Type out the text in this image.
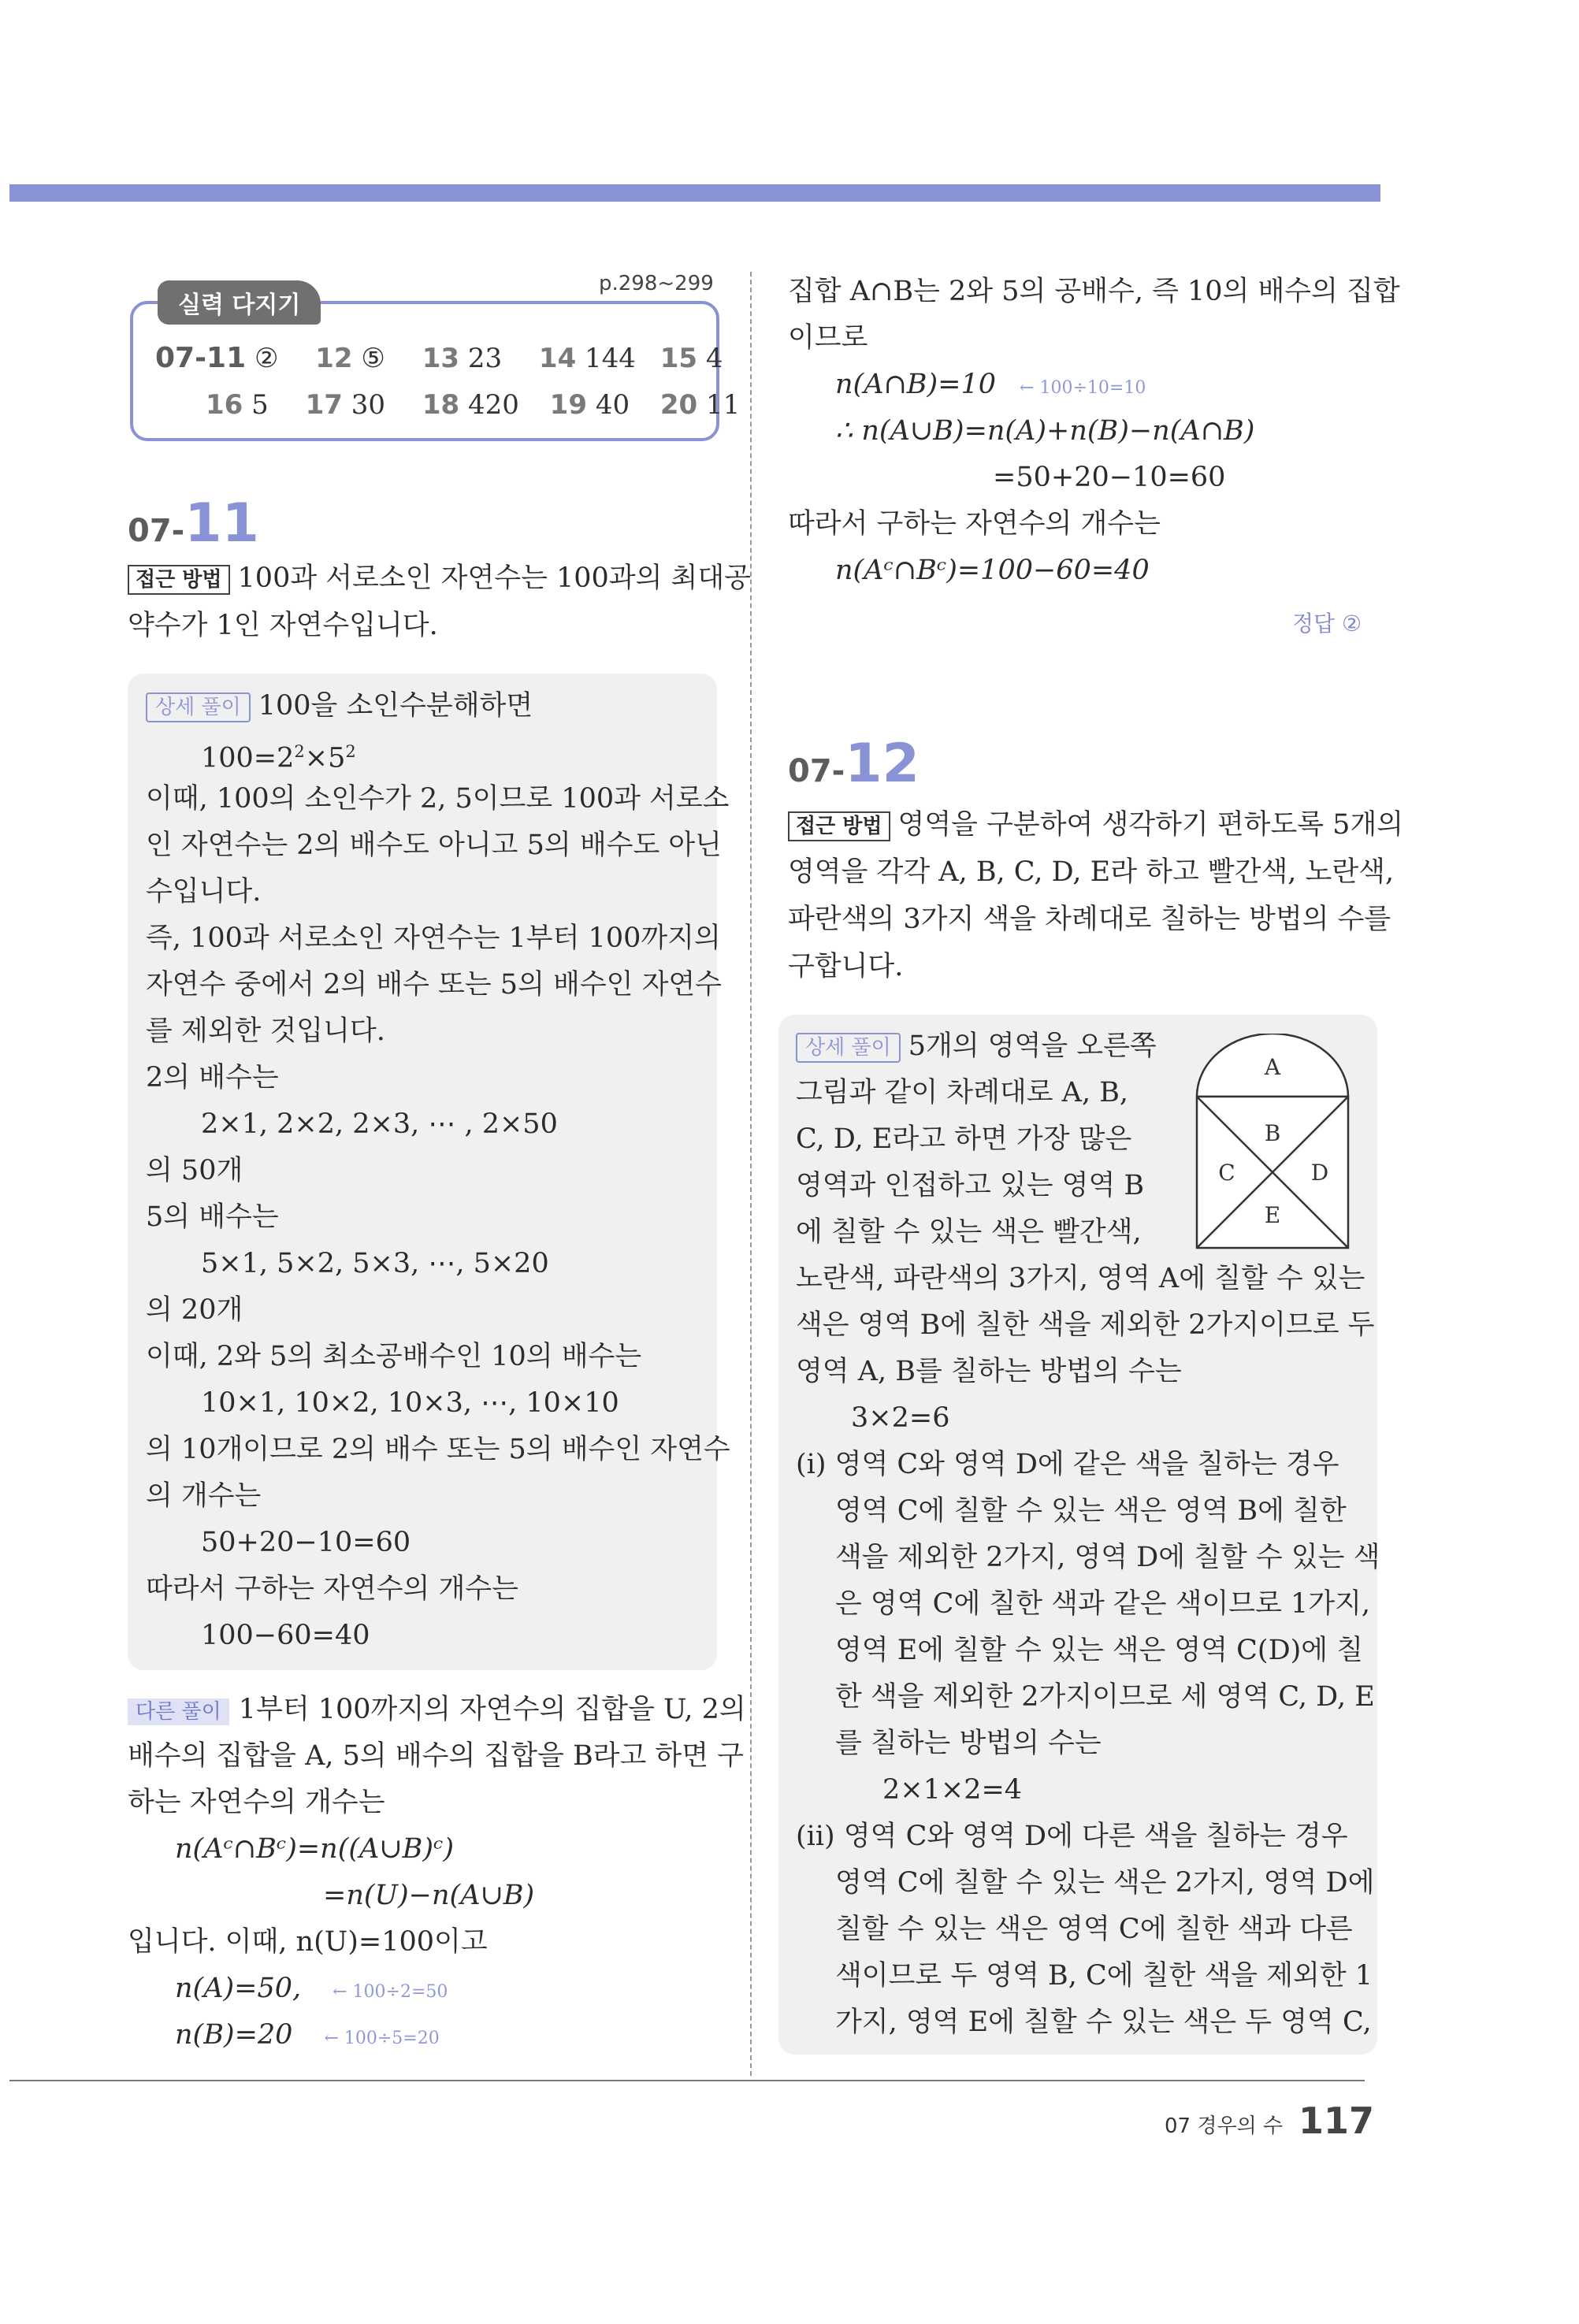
07-11 ② 12 ⑤ 13 23 14 144 15 4
16 5 17 30 18 420 19 40 20 11
실력 다지기
p.298~299
07-11
접근 방법 100과 서로소인 자연수는 100과의 최대공
약수가 1인 자연수입니다.
상세 풀이 100을 소인수분해하면
$100=2^2\times 5^2$
이때, 100의 소인수가 2, 5이므로 100과 서로소
인 자연수는 2의 배수도 아니고 5의 배수도 아닌
수입니다.
즉, 100과 서로소인 자연수는 1부터 100까지의
자연수 중에서 2의 배수 또는 5의 배수인 자연수
를 제외한 것입니다.
2의 배수는
2×1, 2×2, 2×3, ⋯ , 2×50
의 50개
5의 배수는
5×1, 5×2, 5×3, ⋯, 5×20
의 20개
이때, 2와 5의 최소공배수인 10의 배수는
10×1, 10×2, 10×3, ⋯, 10×10
의 10개이므로 2의 배수 또는 5의 배수인 자연수
의 개수는
50+20−10=60
따라서 구하는 자연수의 개수는
100−60=40
다른 풀이 1부터 100까지의 자연수의 집합을 U, 2의
배수의 집합을 A, 5의 배수의 집합을 B라고 하면 구
하는 자연수의 개수는
n(Aᶜ∩Bᶜ)=n((A∪B)ᶜ)
=n(U)−n(A∪B)
입니다. 이때, n(U)=100이고
n(A)=50, ← 100÷2=50
n(B)=20 ← 100÷5=20
집합 A∩B는 2와 5의 공배수, 즉 10의 배수의 집합
이므로
n(A∩B)=10 ← 100÷10=10
∴ n(A∪B)=n(A)+n(B)−n(A∩B)
=50+20−10=60
따라서 구하는 자연수의 개수는
n(Aᶜ∩Bᶜ)=100−60=40
정답 ②
07-12
접근 방법 영역을 구분하여 생각하기 편하도록 5개의
영역을 각각 A, B, C, D, E라 하고 빨간색, 노란색,
파란색의 3가지 색을 차례대로 칠하는 방법의 수를
구합니다.
상세 풀이 5개의 영역을 오른쪽
그림과 같이 차례대로 A, B,
C, D, E라고 하면 가장 많은
영역과 인접하고 있는 영역 B
에 칠할 수 있는 색은 빨간색,
노란색, 파란색의 3가지, 영역 A에 칠할 수 있는
색은 영역 B에 칠한 색을 제외한 2가지이므로 두
영역 A, B를 칠하는 방법의 수는
3×2=6
(ⅰ) 영역 C와 영역 D에 같은 색을 칠하는 경우
영역 C에 칠할 수 있는 색은 영역 B에 칠한
색을 제외한 2가지, 영역 D에 칠할 수 있는 색
은 영역 C에 칠한 색과 같은 색이므로 1가지,
영역 E에 칠할 수 있는 색은 영역 C(D)에 칠
한 색을 제외한 2가지이므로 세 영역 C, D, E
를 칠하는 방법의 수는
2×1×2=4
(ⅱ) 영역 C와 영역 D에 다른 색을 칠하는 경우
영역 C에 칠할 수 있는 색은 2가지, 영역 D에
칠할 수 있는 색은 영역 C에 칠한 색과 다른
색이므로 두 영역 B, C에 칠한 색을 제외한 1
가지, 영역 E에 칠할 수 있는 색은 두 영역 C,
A
B
C	D
E
07 경우의 수 117
